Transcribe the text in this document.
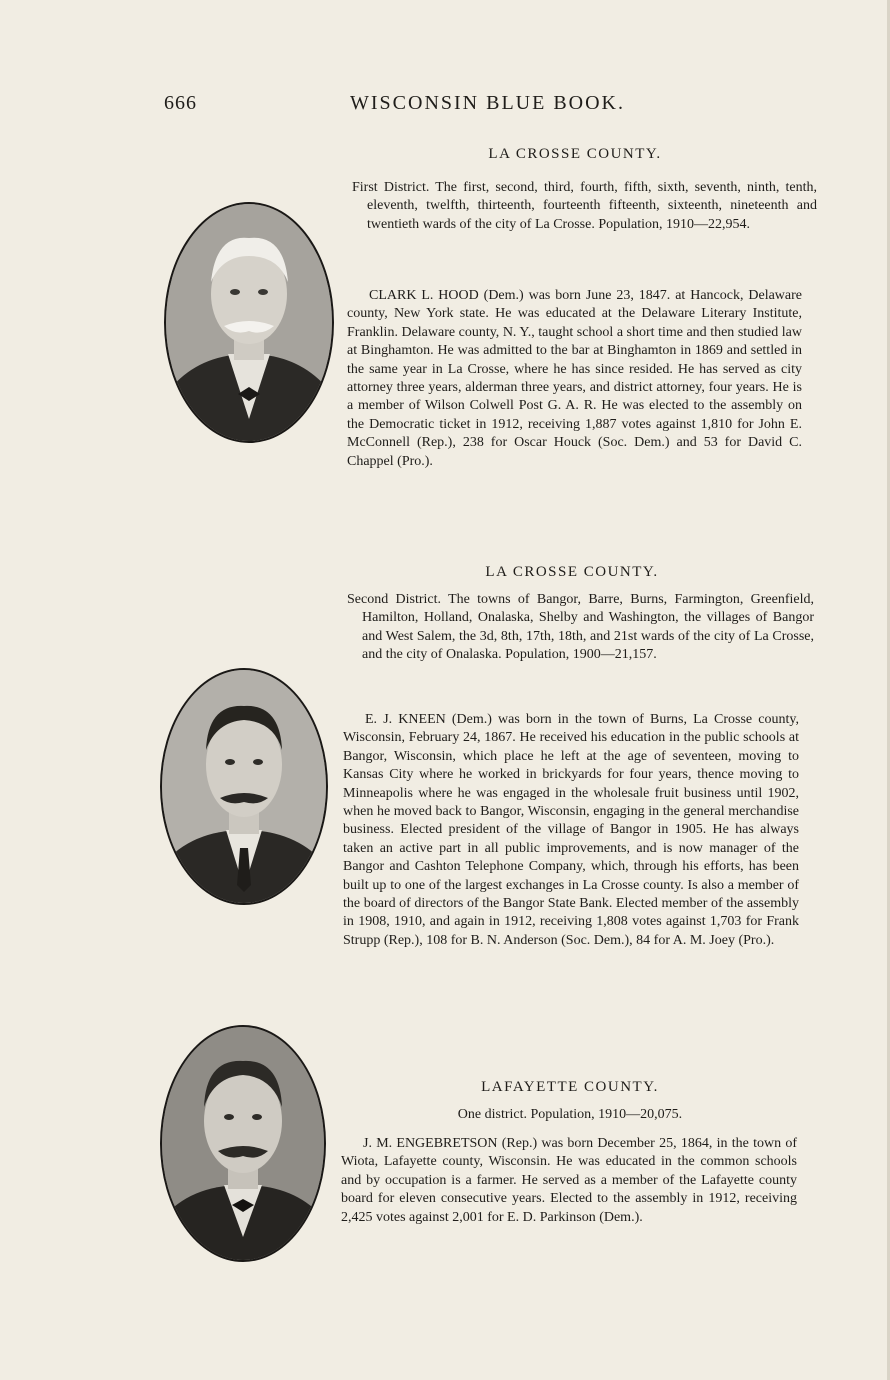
666	WISCONSIN BLUE BOOK.
LA CROSSE COUNTY.

First District. The first, second, third, fourth, fifth, sixth, seventh, ninth, tenth, eleventh, twelfth, thirteenth, fourteenth fifteenth, sixteenth, nineteenth and twentieth wards of the city of La Crosse. Population, 1910—22,954.

CLARK L. HOOD (Dem.) was born June 23, 1847. at Hancock, Delaware county, New York state. He was educated at the Delaware Literary Institute, Franklin. Delaware county, N. Y., taught school a short time and then studied law at Binghamton. He was admitted to the bar at Binghamton in 1869 and settled in the same year in La Crosse, where he has since resided. He has served as city attorney three years, alderman three years, and district attorney, four years. He is a member of Wilson Colwell Post G. A. R. He was elected to the assembly on the Democratic ticket in 1912, receiving 1,887 votes against 1,810 for John E. McConnell (Rep.), 238 for Oscar Houck (Soc. Dem.) and 53 for David C. Chappel (Pro.).

LA CROSSE COUNTY.

Second District. The towns of Bangor, Barre, Burns, Farmington, Greenfield, Hamilton, Holland, Onalaska, Shelby and Washington, the villages of Bangor and West Salem, the 3d, 8th, 17th, 18th, and 21st wards of the city of La Crosse, and the city of Onalaska. Population, 1900—21,157.

E. J. KNEEN (Dem.) was born in the town of Burns, La Crosse county, Wisconsin, February 24, 1867. He received his education in the public schools at Bangor, Wisconsin, which place he left at the age of seventeen, moving to Kansas City where he worked in brickyards for four years, thence moving to Minneapolis where he was engaged in the wholesale fruit business until 1902, when he moved back to Bangor, Wisconsin, engaging in the general merchandise business. Elected president of the village of Bangor in 1905. He has always taken an active part in all public improvements, and is now manager of the Bangor and Cashton Telephone Company, which, through his efforts, has been built up to one of the largest exchanges in La Crosse county. Is also a member of the board of directors of the Bangor State Bank. Elected member of the assembly in 1908, 1910, and again in 1912, receiving 1,808 votes against 1,703 for Frank Strupp (Rep.), 108 for B. N. Anderson (Soc. Dem.), 84 for A. M. Joey (Pro.).

LAFAYETTE COUNTY.
One district. Population, 1910—20,075.

J. M. ENGEBRETSON (Rep.) was born December 25, 1864, in the town of Wiota, Lafayette county, Wisconsin. He was educated in the common schools and by occupation is a farmer. He served as a member of the Lafayette county board for eleven consecutive years. Elected to the assembly in 1912, receiving 2,425 votes against 2,001 for E. D. Parkinson (Dem.).
